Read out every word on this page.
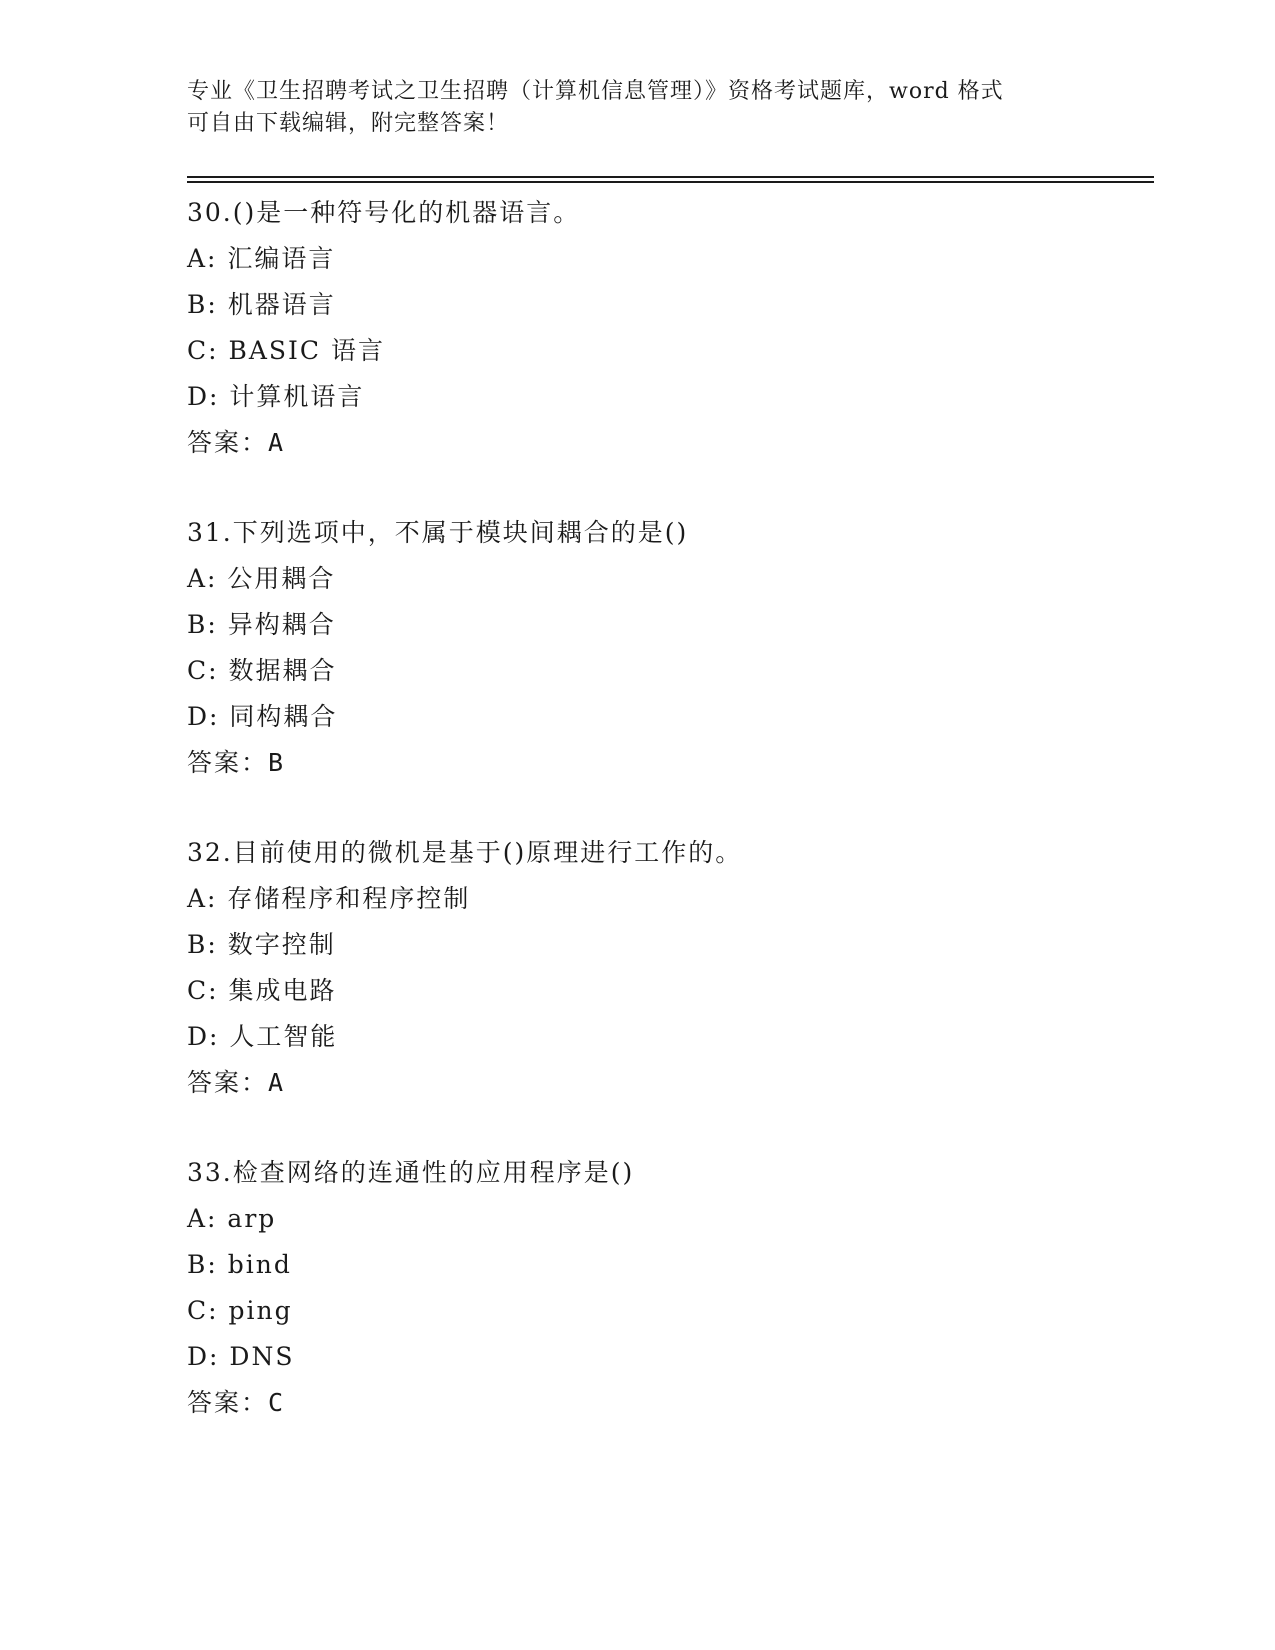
专业《卫生招聘考试之卫生招聘（计算机信息管理）》资格考试题库，word 格式
可自由下载编辑，附完整答案！
30.()是一种符号化的机器语言。
A: 汇编语言
B: 机器语言
C: BASIC 语言
D: 计算机语言
答案：A
31.下列选项中，不属于模块间耦合的是()
A: 公用耦合
B: 异构耦合
C: 数据耦合
D: 同构耦合
答案：B
32.目前使用的微机是基于()原理进行工作的。
A: 存储程序和程序控制
B: 数字控制
C: 集成电路
D: 人工智能
答案：A
33.检查网络的连通性的应用程序是()
A: arp
B: bind
C: ping
D: DNS
答案：C
